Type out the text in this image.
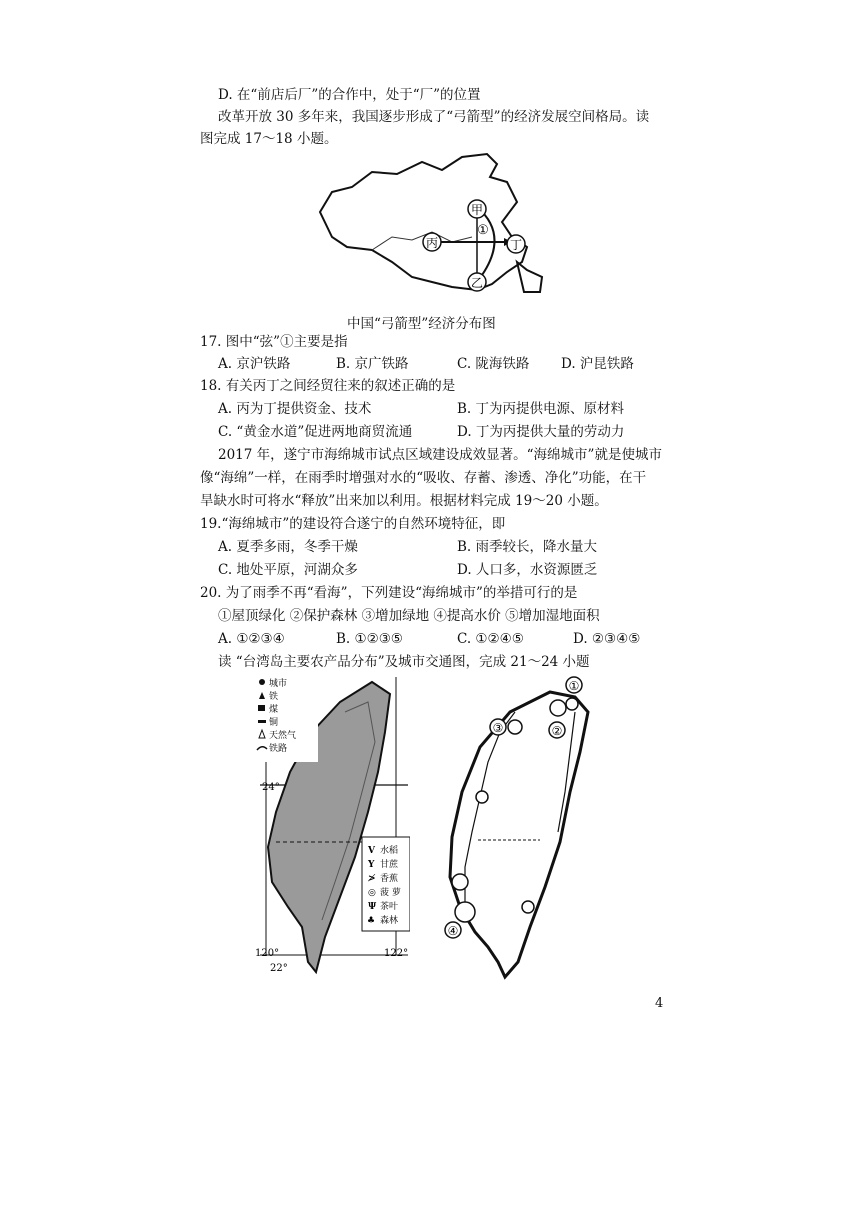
D. 在“前店后厂”的合作中，处于“厂”的位置
改革开放 30 多年来，我国逐步形成了“弓箭型”的经济发展空间格局。读
图完成 17～18 小题。
甲
丙	丁
乙
①
中国“弓箭型”经济分布图
17. 图中“弦”①主要是指
A. 京沪铁路	B. 京广铁路	C. 陇海铁路 D. 沪昆铁路
18. 有关丙丁之间经贸往来的叙述正确的是
A. 丙为丁提供资金、技术	B. 丁为丙提供电源、原材料
C. “黄金水道”促进两地商贸流通	D. 丁为丙提供大量的劳动力
2017 年，遂宁市海绵城市试点区域建设成效显著。“海绵城市”就是使城市
像“海绵”一样，在雨季时增强对水的“吸收、存蓄、渗透、净化”功能，在干
旱缺水时可将水“释放”出来加以利用。根据材料完成 19～20 小题。
19.“海绵城市”的建设符合遂宁的自然环境特征，即
A. 夏季多雨，冬季干燥	B. 雨季较长，降水量大
C. 地处平原，河湖众多	D. 人口多，水资源匮乏
20. 为了雨季不再“看海”，下列建设“海绵城市”的举措可行的是
①屋顶绿化 ②保护森林 ③增加绿地 ④提高水价 ⑤增加湿地面积
A. ①②③④	B. ①②③⑤	C. ①②④⑤	D. ②③④⑤
读 “台湾岛主要农产品分布”及城市交通图，完成 21～24 小题
城市
铁
煤
铜
天然气
铁路
V 水稻
Y 甘蔗
≯ 香蕉
◎ 菠 萝
Ψ 茶叶
♣ 森林
24°
120°
22°
122°
①
②
③
④
4
